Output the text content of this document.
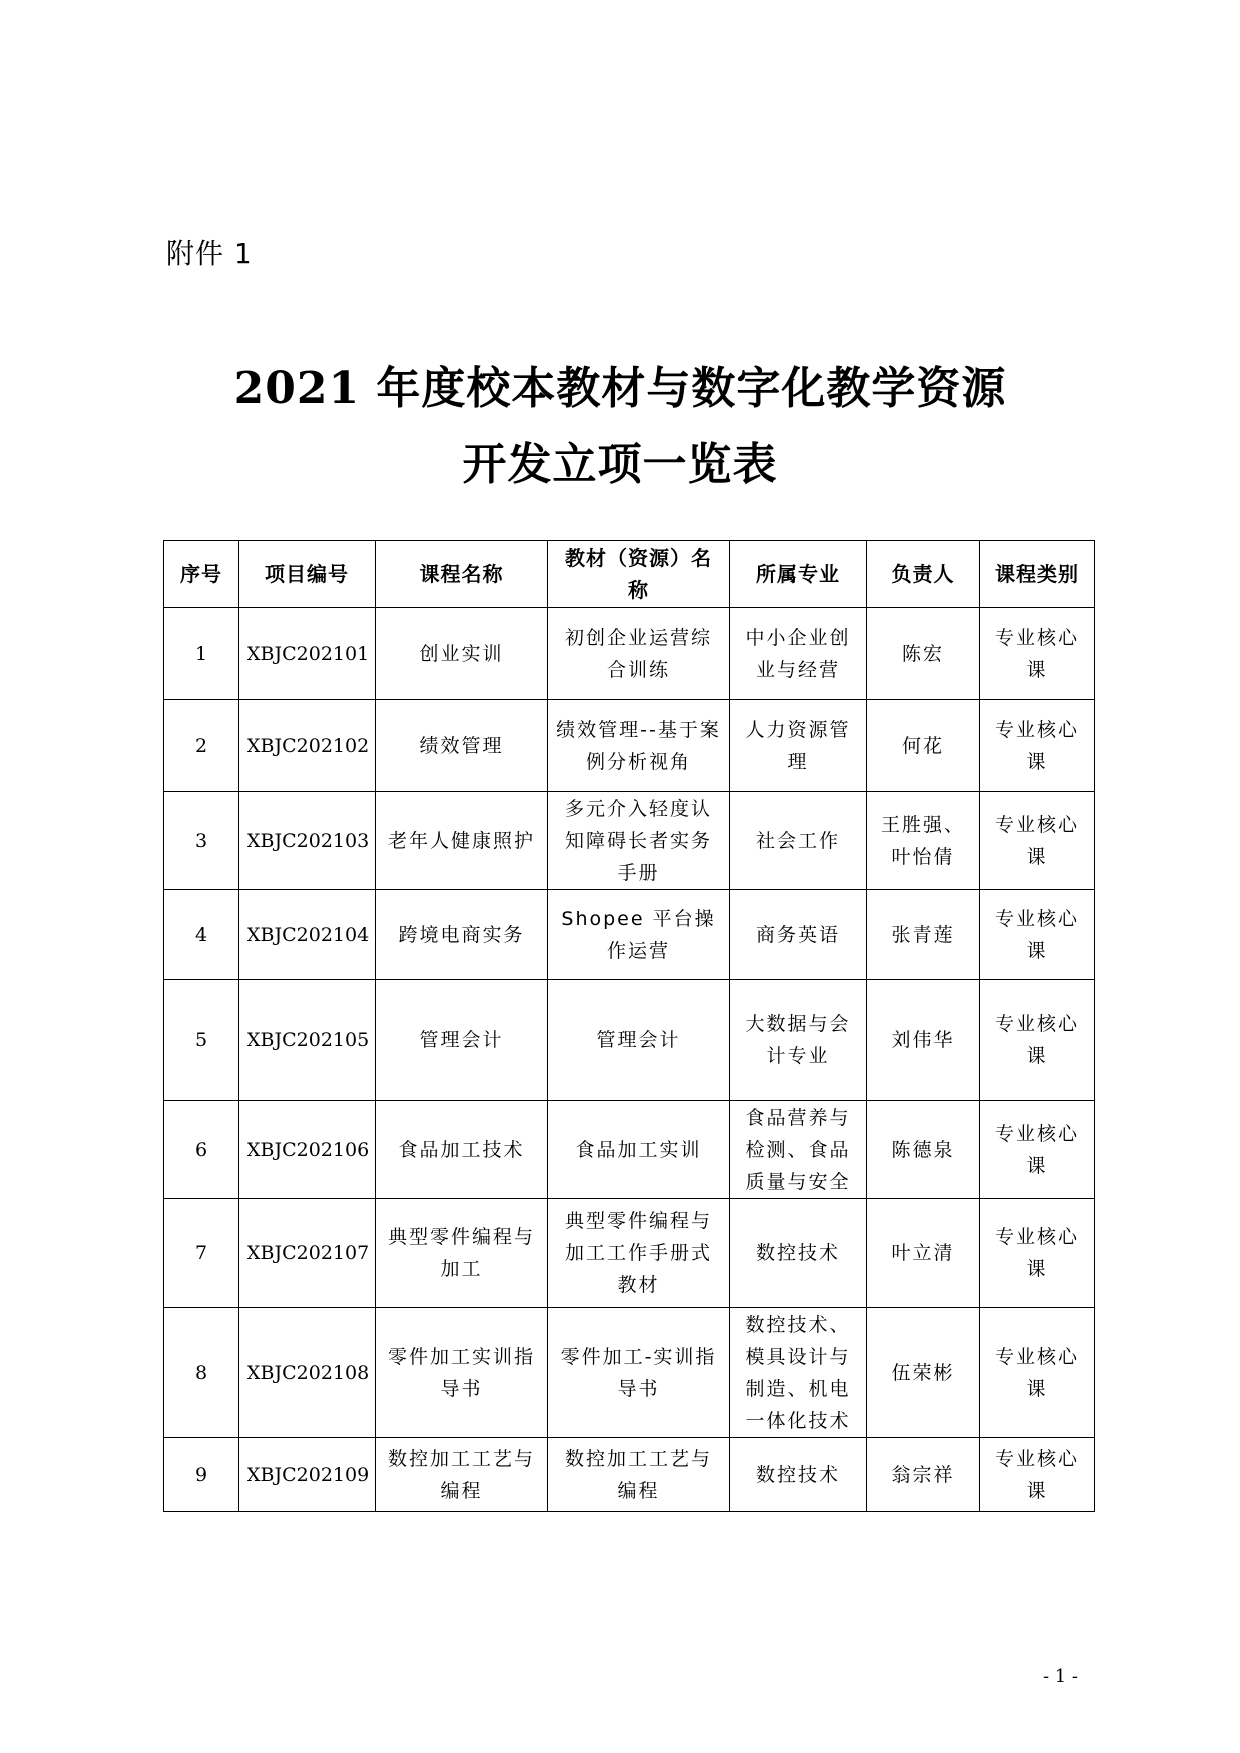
附件 1
2021 年度校本教材与数字化教学资源
开发立项一览表
序号	项目编号	课程名称	教材（资源）名称	所属专业	负责人	课程类别
1	XBJC202101	创业实训	初创企业运营综合训练	中小企业创业与经营	陈宏	专业核心课
2	XBJC202102	绩效管理	绩效管理--基于案例分析视角	人力资源管理	何花	专业核心课
3	XBJC202103	老年人健康照护	多元介入轻度认知障碍长者实务手册	社会工作	王胜强、叶怡倩	专业核心课
4	XBJC202104	跨境电商实务	Shopee 平台操作运营	商务英语	张青莲	专业核心课
5	XBJC202105	管理会计	管理会计	大数据与会计专业	刘伟华	专业核心课
6	XBJC202106	食品加工技术	食品加工实训	食品营养与检测、食品质量与安全	陈德泉	专业核心课
7	XBJC202107	典型零件编程与加工	典型零件编程与加工工作手册式教材	数控技术	叶立清	专业核心课
8	XBJC202108	零件加工实训指导书	零件加工-实训指导书	数控技术、模具设计与制造、机电一体化技术	伍荣彬	专业核心课
9	XBJC202109	数控加工工艺与编程	数控加工工艺与编程	数控技术	翁宗祥	专业核心课
- 1 -
